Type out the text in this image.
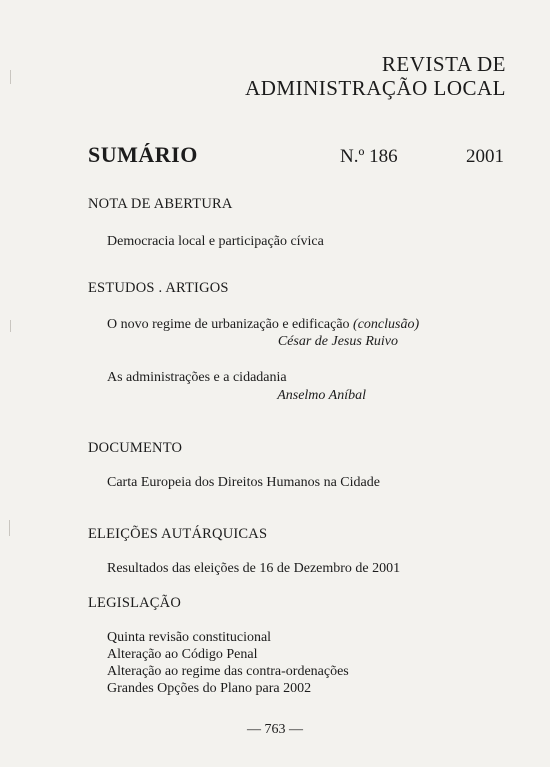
REVISTA DE
ADMINISTRAÇÃO LOCAL
SUMÁRIO	N.º 186	2001
NOTA DE ABERTURA
Democracia local e participação cívica
ESTUDOS . ARTIGOS
O novo regime de urbanização e edificação (conclusão)
César de Jesus Ruivo
As administrações e a cidadania
Anselmo Aníbal
DOCUMENTO
Carta Europeia dos Direitos Humanos na Cidade
ELEIÇÕES AUTÁRQUICAS
Resultados das eleições de 16 de Dezembro de 2001
LEGISLAÇÃO
Quinta revisão constitucional
Alteração ao Código Penal
Alteração ao regime das contra-ordenações
Grandes Opções do Plano para 2002
— 763 —
